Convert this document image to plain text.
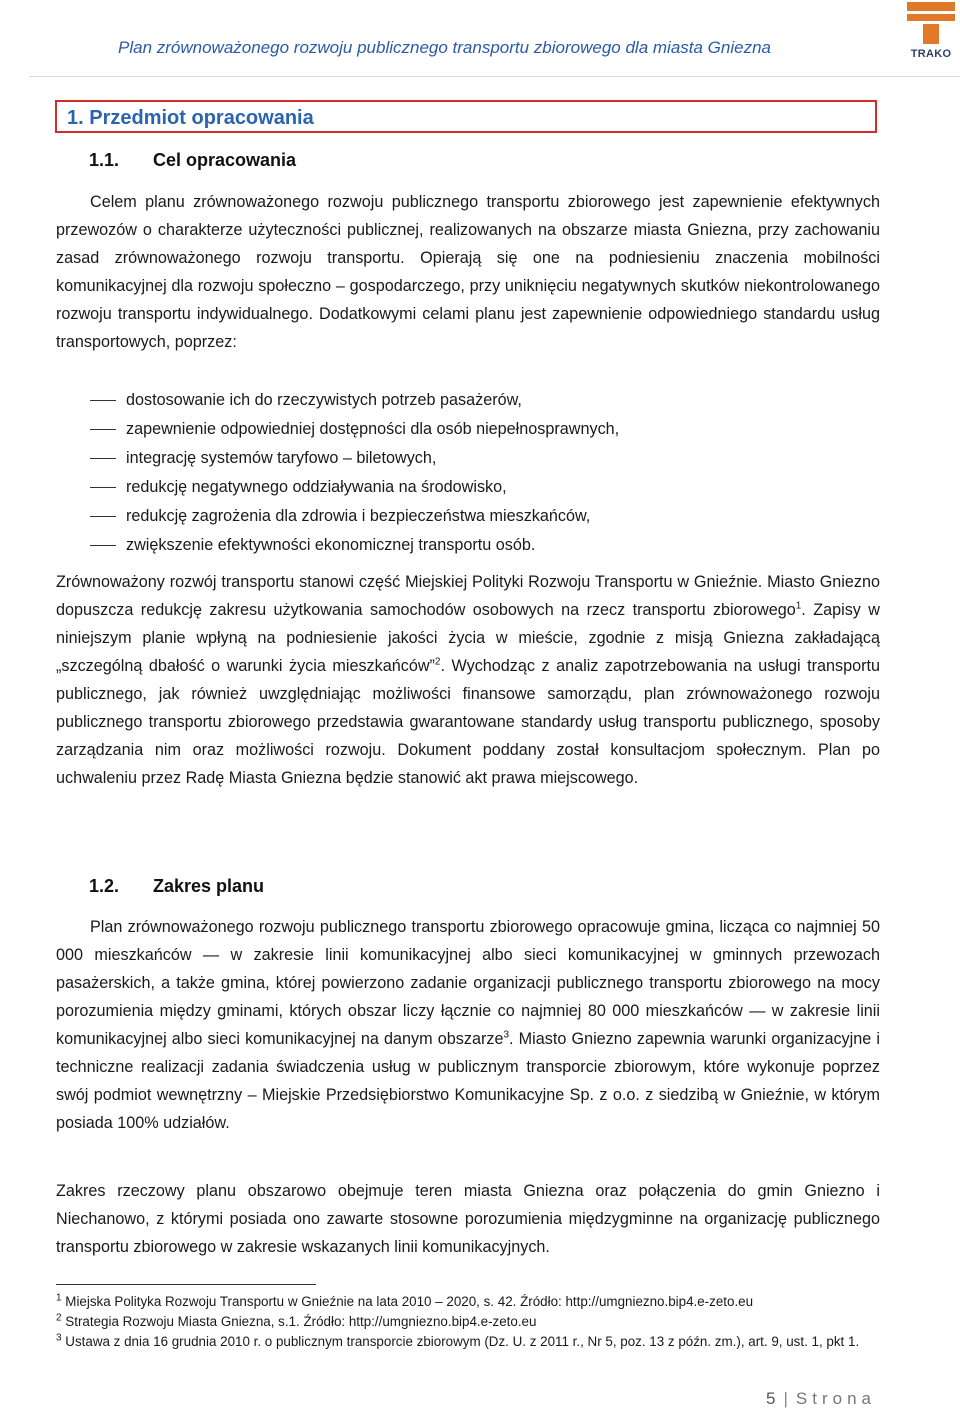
Plan zrównoważonego rozwoju publicznego transportu zbiorowego dla miasta Gniezna	TRAKO
1. Przedmiot opracowania
1.1. Cel opracowania
Celem planu zrównoważonego rozwoju publicznego transportu zbiorowego jest zapewnienie efektywnych przewozów o charakterze użyteczności publicznej, realizowanych na obszarze miasta Gniezna, przy zachowaniu zasad zrównoważonego rozwoju transportu. Opierają się one na podniesieniu znaczenia mobilności komunikacyjnej dla rozwoju społeczno – gospodarczego, przy uniknięciu negatywnych skutków niekontrolowanego rozwoju transportu indywidualnego. Dodatkowymi celami planu jest zapewnienie odpowiedniego standardu usług transportowych, poprzez:
dostosowanie ich do rzeczywistych potrzeb pasażerów,
zapewnienie odpowiedniej dostępności dla osób niepełnosprawnych,
integrację systemów taryfowo – biletowych,
redukcję negatywnego oddziaływania na środowisko,
redukcję zagrożenia dla zdrowia i bezpieczeństwa mieszkańców,
zwiększenie efektywności ekonomicznej transportu osób.
Zrównoważony rozwój transportu stanowi część Miejskiej Polityki Rozwoju Transportu w Gnieźnie. Miasto Gniezno dopuszcza redukcję zakresu użytkowania samochodów osobowych na rzecz transportu zbiorowego$^1$. Zapisy w niniejszym planie wpłyną na podniesienie jakości życia w mieście, zgodnie z misją Gniezna zakładającą „szczególną dbałość o warunki życia mieszkańców”$^2$. Wychodząc z analiz zapotrzebowania na usługi transportu publicznego, jak również uwzględniając możliwości finansowe samorządu, plan zrównoważonego rozwoju publicznego transportu zbiorowego przedstawia gwarantowane standardy usług transportu publicznego, sposoby zarządzania nim oraz możliwości rozwoju. Dokument poddany został konsultacjom społecznym. Plan po uchwaleniu przez Radę Miasta Gniezna będzie stanowić akt prawa miejscowego.
1.2. Zakres planu
Plan zrównoważonego rozwoju publicznego transportu zbiorowego opracowuje gmina, licząca co najmniej 50 000 mieszkańców — w zakresie linii komunikacyjnej albo sieci komunikacyjnej w gminnych przewozach pasażerskich, a także gmina, której powierzono zadanie organizacji publicznego transportu zbiorowego na mocy porozumienia między gminami, których obszar liczy łącznie co najmniej 80 000 mieszkańców — w zakresie linii komunikacyjnej albo sieci komunikacyjnej na danym obszarze$^3$. Miasto Gniezno zapewnia warunki organizacyjne i techniczne realizacji zadania świadczenia usług w publicznym transporcie zbiorowym, które wykonuje poprzez swój podmiot wewnętrzny – Miejskie Przedsiębiorstwo Komunikacyjne Sp. z o.o. z siedzibą w Gnieźnie, w którym posiada 100% udziałów.
Zakres rzeczowy planu obszarowo obejmuje teren miasta Gniezna oraz połączenia do gmin Gniezno i Niechanowo, z którymi posiada ono zawarte stosowne porozumienia międzygminne na organizację publicznego transportu zbiorowego w zakresie wskazanych linii komunikacyjnych.
$^1$ Miejska Polityka Rozwoju Transportu w Gnieźnie na lata 2010 – 2020, s. 42. Źródło: http://umgniezno.bip4.e-zeto.eu
$^2$ Strategia Rozwoju Miasta Gniezna, s.1. Źródło: http://umgniezno.bip4.e-zeto.eu
$^3$ Ustawa z dnia 16 grudnia 2010 r. o publicznym transporcie zbiorowym (Dz. U. z 2011 r., Nr 5, poz. 13 z późn. zm.), art. 9, ust. 1, pkt 1.
5 | Strona
